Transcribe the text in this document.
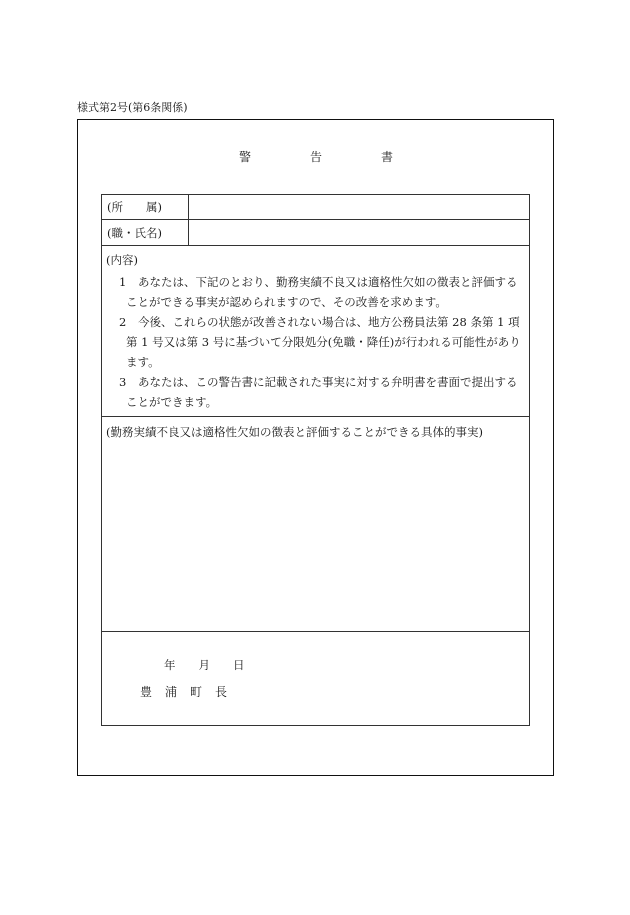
様式第2号(第6条関係)
警告書
(所　　属)
(職・氏名)
(内容)
1 あなたは、下記のとおり、勤務実績不良又は適格性欠如の徴表と評価する
ことができる事実が認められますので、その改善を求めます。
2 今後、これらの状態が改善されない場合は、地方公務員法第 28 条第 1 項
第 1 号又は第 3 号に基づいて分限処分(免職・降任)が行われる可能性があり
ます。
3 あなたは、この警告書に記載された事実に対する弁明書を書面で提出する
ことができます。
(勤務実績不良又は適格性欠如の徴表と評価することができる具体的事実)
年　　月　　日
豊　浦　町　長
